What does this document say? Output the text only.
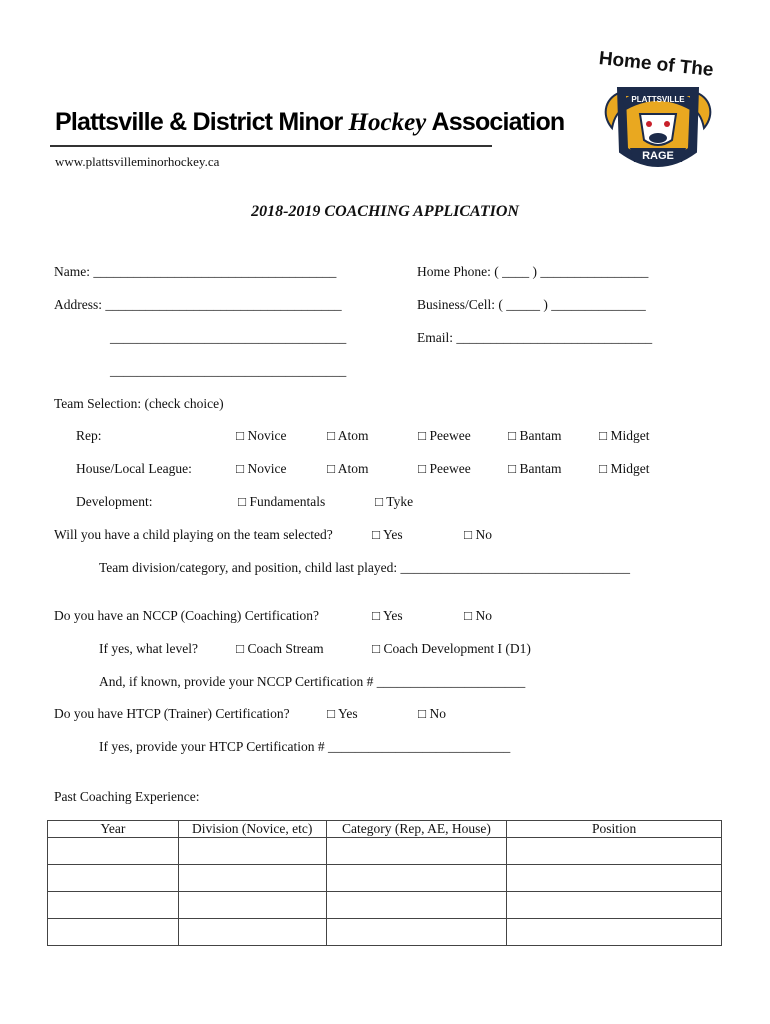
Plattsville & District Minor Hockey Association
www.plattsvilleminorhockey.ca
Home of The
PLATTSVILLE
RAGE
2018-2019 COACHING APPLICATION
Name: ____________________________________	Home Phone: ( ____ ) ________________
Address: ___________________________________	Business/Cell: ( _____ ) ______________
___________________________________	Email: _____________________________
___________________________________
Team Selection: (check choice)
Rep:	□ Novice	□ Atom	□ Peewee	□ Bantam	□ Midget
House/Local League:	□ Novice	□ Atom	□ Peewee	□ Bantam	□ Midget
Development:	□ Fundamentals	□ Tyke
Will you have a child playing on the team selected?	□ Yes	□ No
Team division/category, and position, child last played: __________________________________
Do you have an NCCP (Coaching) Certification?	□ Yes	□ No
If yes, what level?	□ Coach Stream	□ Coach Development I (D1)
And, if known, provide your NCCP Certification # ______________________
Do you have HTCP (Trainer) Certification?	□ Yes	□ No
If yes, provide your HTCP Certification # ___________________________
Past Coaching Experience:
Year	Division (Novice, etc)	Category (Rep, AE, House)	Position
